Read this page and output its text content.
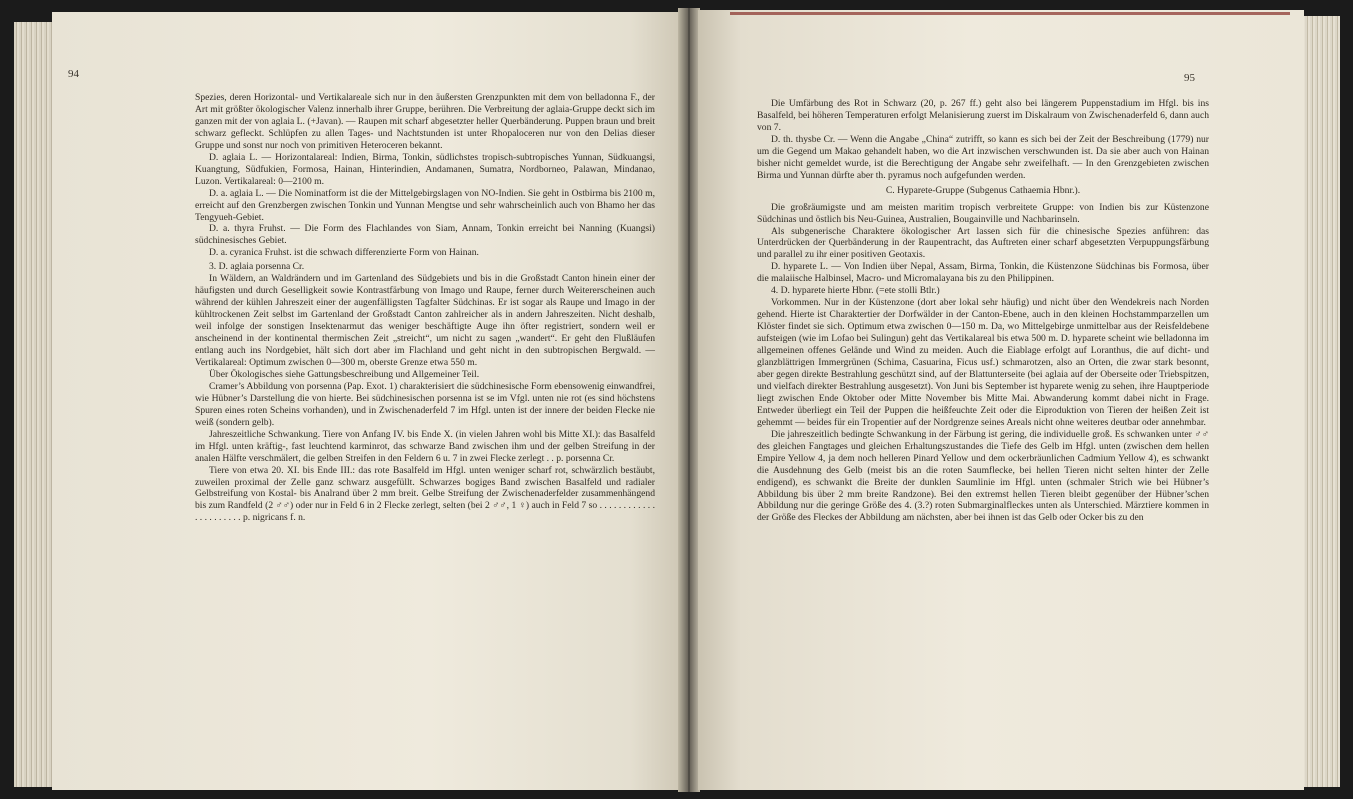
94

Spezies, deren Horizontal- und Vertikalareale sich nur in den äußersten Grenzpunkten mit dem von belladonna F., der Art mit größter ökologischer Valenz innerhalb ihrer Gruppe, berühren. Die Verbreitung der aglaia-Gruppe deckt sich im ganzen mit der von aglaia L. (+Javan). — Raupen mit scharf abgesetzter heller Querbänderung. Puppen braun und breit schwarz gefleckt. Schlüpfen zu allen Tages- und Nachtstunden ist unter Rhopaloceren nur von den Delias dieser Gruppe und sonst nur noch von primitiven Heteroceren bekannt.

D. aglaia L. — Horizontalareal: Indien, Birma, Tonkin, südlichstes tropisch-subtropisches Yunnan, Südkuangsi, Kuangtung, Südfukien, Formosa, Hainan, Hinterindien, Andamanen, Sumatra, Nordborneo, Palawan, Mindanao, Luzon. Vertikalareal: 0—2100 m.

D. a. aglaia L. — Die Nominatform ist die der Mittelgebirgslagen von NO-Indien. Sie geht in Ostbirma bis 2100 m, erreicht auf den Grenzbergen zwischen Tonkin und Yunnan Mengtse und sehr wahrscheinlich auch von Bhamo her das Tengyueh-Gebiet.

D. a. thyra Fruhst. — Die Form des Flachlandes von Siam, Annam, Tonkin erreicht bei Nanning (Kuangsi) südchinesisches Gebiet.

D. a. cyranica Fruhst. ist die schwach differenzierte Form von Hainan.

3. D. aglaia porsenna Cr.

In Wäldern, an Waldrändern und im Gartenland des Südgebiets und bis in die Großstadt Canton hinein einer der häufigsten und durch Geselligkeit sowie Kontrastfärbung von Imago und Raupe, ferner durch Weitererscheinen auch während der kühlen Jahreszeit einer der augenfälligsten Tagfalter Südchinas. Er ist sogar als Raupe und Imago in der kühltrockenen Zeit selbst im Gartenland der Großstadt Canton zahlreicher als in andern Jahreszeiten. Nicht deshalb, weil infolge der sonstigen Insektenarmut das weniger beschäftigte Auge ihn öfter registriert, sondern weil er anscheinend in der kontinental thermischen Zeit „streicht“, um nicht zu sagen „wandert“. Er geht den Flußläufen entlang auch ins Nordgebiet, hält sich dort aber im Flachland und geht nicht in den subtropischen Bergwald. — Vertikalareal: Optimum zwischen 0—300 m, oberste Grenze etwa 550 m.

Über Ökologisches siehe Gattungsbeschreibung und Allgemeiner Teil.

Cramer’s Abbildung von porsenna (Pap. Exot. 1) charakterisiert die südchinesische Form ebensowenig einwandfrei, wie Hübner’s Darstellung die von hierte. Bei südchinesischen porsenna ist se im Vfgl. unten nie rot (es sind höchstens Spuren eines roten Scheins vorhanden), und in Zwischenaderfeld 7 im Hfgl. unten ist der innere der beiden Flecke nie weiß (sondern gelb).

Jahreszeitliche Schwankung. Tiere von Anfang IV. bis Ende X. (in vielen Jahren wohl bis Mitte XI.): das Basalfeld im Hfgl. unten kräftig-, fast leuchtend karminrot, das schwarze Band zwischen ihm und der gelben Streifung in der analen Hälfte verschmälert, die gelben Streifen in den Feldern 6 u. 7 in zwei Flecke zerlegt . . p. porsenna Cr.

Tiere von etwa 20. XI. bis Ende III.: das rote Basalfeld im Hfgl. unten weniger scharf rot, schwärzlich bestäubt, zuweilen proximal der Zelle ganz schwarz ausgefüllt. Schwarzes bogiges Band zwischen Basalfeld und radialer Gelbstreifung von Kostal- bis Analrand über 2 mm breit. Gelbe Streifung der Zwischenaderfelder zusammenhängend bis zum Randfeld (2 ♂♂) oder nur in Feld 6 in 2 Flecke zerlegt, selten (bei 2 ♂♂, 1 ♀) auch in Feld 7 so . . . . . . . . . . . . . . . . . . . . . . p. nigricans f. n.

95

Die Umfärbung des Rot in Schwarz (20, p. 267 ff.) geht also bei längerem Puppenstadium im Hfgl. bis ins Basalfeld, bei höheren Temperaturen erfolgt Melanisierung zuerst im Diskalraum von Zwischenaderfeld 6, dann auch von 7.

D. th. thysbe Cr. — Wenn die Angabe „China“ zutrifft, so kann es sich bei der Zeit der Beschreibung (1779) nur um die Gegend um Makao gehandelt haben, wo die Art inzwischen verschwunden ist. Da sie aber auch von Hainan bisher nicht gemeldet wurde, ist die Berechtigung der Angabe sehr zweifelhaft. — In den Grenzgebieten zwischen Birma und Yunnan dürfte aber th. pyramus noch aufgefunden werden.

C. Hyparete-Gruppe (Subgenus Cathaemia Hbnr.).

Die großräumigste und am meisten maritim tropisch verbreitete Gruppe: von Indien bis zur Küstenzone Südchinas und östlich bis Neu-Guinea, Australien, Bougainville und Nachbarinseln.

Als subgenerische Charaktere ökologischer Art lassen sich für die chinesische Spezies anführen: das Unterdrücken der Querbänderung in der Raupentracht, das Auftreten einer scharf abgesetzten Verpuppungsfärbung und parallel zu ihr einer positiven Geotaxis.

D. hyparete L. — Von Indien über Nepal, Assam, Birma, Tonkin, die Küstenzone Südchinas bis Formosa, über die malaiische Halbinsel, Macro- und Micromalayana bis zu den Philippinen.

4. D. hyparete hierte Hbnr. (=ete stolli Btlr.)

Vorkommen. Nur in der Küstenzone (dort aber lokal sehr häufig) und nicht über den Wendekreis nach Norden gehend. Hierte ist Charaktertier der Dorfwälder in der Canton-Ebene, auch in den kleinen Hochstammparzellen um Klöster findet sie sich. Optimum etwa zwischen 0—150 m. Da, wo Mittelgebirge unmittelbar aus der Reisfeldebene aufsteigen (wie im Lofao bei Sulingun) geht das Vertikalareal bis etwa 500 m. D. hyparete scheint wie belladonna im allgemeinen offenes Gelände und Wind zu meiden. Auch die Eiablage erfolgt auf Loranthus, die auf dicht- und glanzblättrigen Immergrünen (Schima, Casuarina, Ficus usf.) schmarotzen, also an Orten, die zwar stark besonnt, aber gegen direkte Bestrahlung geschützt sind, auf der Blattunterseite (bei aglaia auf der Oberseite oder Triebspitzen, und vielfach direkter Bestrahlung ausgesetzt). Von Juni bis September ist hyparete wenig zu sehen, ihre Hauptperiode liegt zwischen Ende Oktober oder Mitte November bis Mitte Mai. Abwanderung kommt dabei nicht in Frage. Entweder überliegt ein Teil der Puppen die heißfeuchte Zeit oder die Eiproduktion von Tieren der heißen Zeit ist gehemmt — beides für ein Tropentier auf der Nordgrenze seines Areals nicht ohne weiteres deutbar oder annehmbar.

Die jahreszeitlich bedingte Schwankung in der Färbung ist gering, die individuelle groß. Es schwanken unter ♂♂ des gleichen Fangtages und gleichen Erhaltungszustandes die Tiefe des Gelb im Hfgl. unten (zwischen dem hellen Empire Yellow 4, ja dem noch helleren Pinard Yellow und dem ockerbräunlichen Cadmium Yellow 4), es schwankt die Ausdehnung des Gelb (meist bis an die roten Saumflecke, bei hellen Tieren nicht selten hinter der Zelle endigend), es schwankt die Breite der dunklen Saumlinie im Hfgl. unten (schmaler Strich wie bei Hübner’s Abbildung bis über 2 mm breite Randzone). Bei den extremst hellen Tieren bleibt gegenüber der Hübner’schen Abbildung nur die geringe Größe des 4. (3.?) roten Submarginalfleckes unten als Unterschied. Märztiere kommen in der Größe des Fleckes der Abbildung am nächsten, aber bei ihnen ist das Gelb oder Ocker bis zu den
